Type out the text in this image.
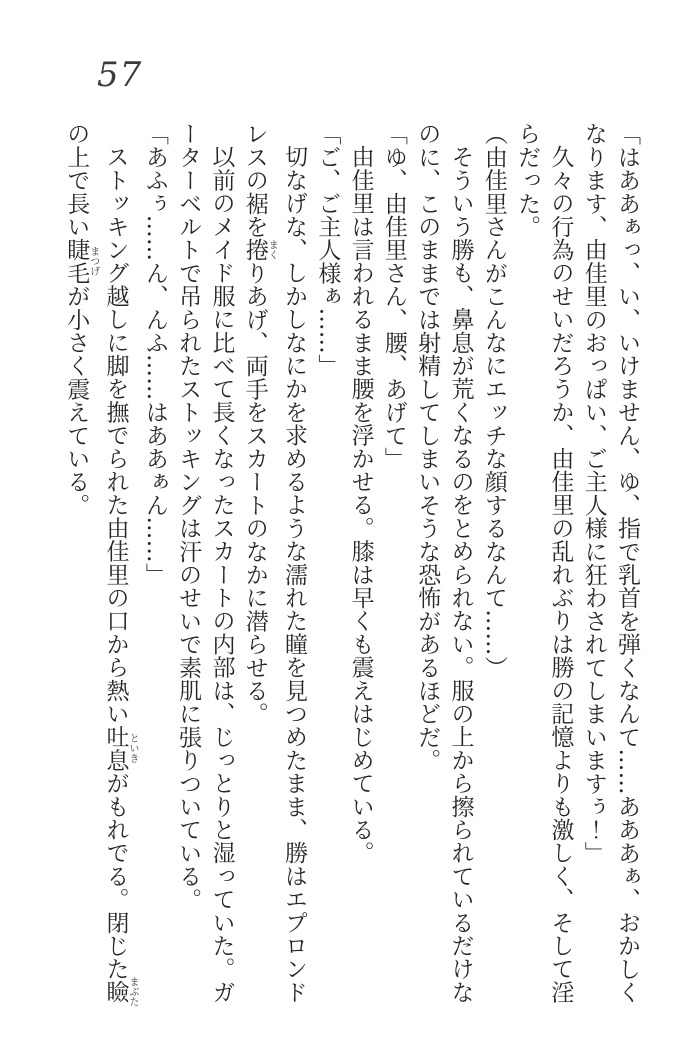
57
「はああぁっ、い、いけません、ゆ、指で乳首を弾くなんて……あああぁ、おかしく
なります、由佳里のおっぱい、ご主人様に狂わされてしまいますぅ！」
久々の行為のせいだろうか、由佳里の乱れぶりは勝の記憶よりも激しく、そして淫
らだった。
（由佳里さんがこんなにエッチな顔するなんて……）
そういう勝も、鼻息が荒くなるのをとめられない。服の上から擦られているだけな
のに、このままでは射精してしまいそうな恐怖があるほどだ。
「ゆ、由佳里さん、腰、あげて」
由佳里は言われるまま腰を浮かせる。膝は早くも震えはじめている。
「ご、ご主人様ぁ……」
切なげな、しかしなにかを求めるような濡れた瞳を見つめたまま、勝はエプロンド
レスの裾を捲まくりあげ、両手をスカートのなかに潜らせる。
以前のメイド服に比べて長くなったスカートの内部は、じっとりと湿っていた。ガ
ーターベルトで吊られたストッキングは汗のせいで素肌に張りついている。
「あふぅ……ん、んふ……はああぁん……」
ストッキング越しに脚を撫でられた由佳里の口から熱い吐息といきがもれでる。閉じた瞼まぶた
の上で長い睫毛まつげが小さく震えている。
